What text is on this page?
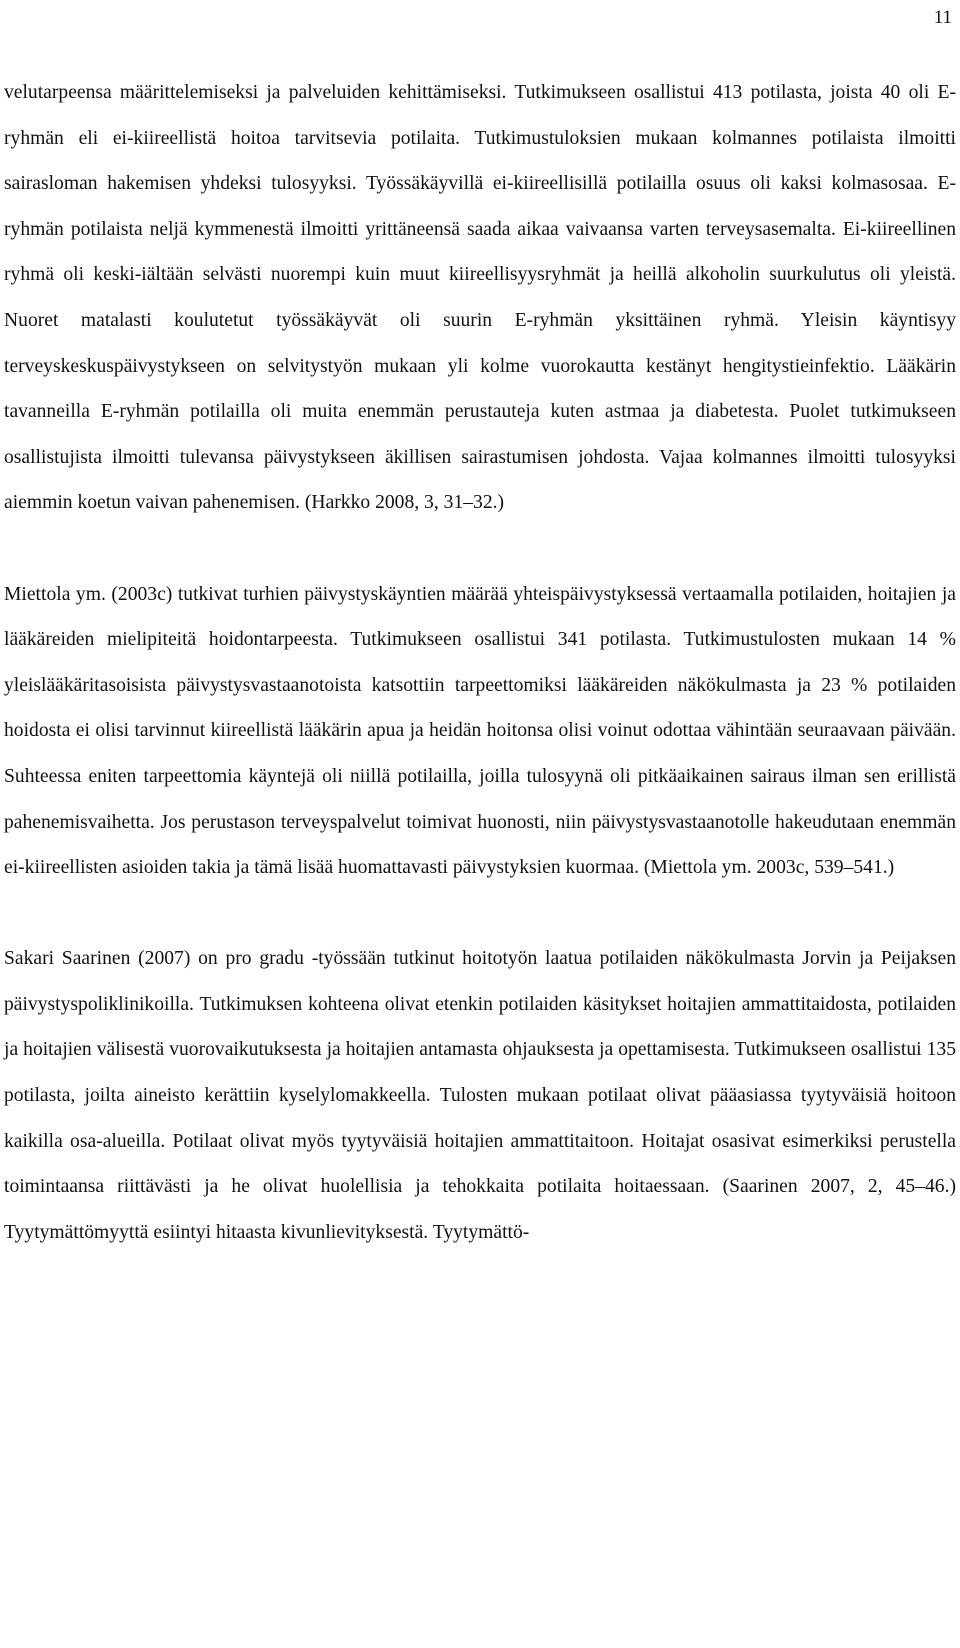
11

velutarpeensa määrittelemiseksi ja palveluiden kehittämiseksi. Tutkimukseen osallistui 413 potilasta, joista 40 oli E-ryhmän eli ei-kiireellistä hoitoa tarvitsevia potilaita. Tutkimustuloksien mukaan kolmannes potilaista ilmoitti sairasloman hakemisen yhdeksi tulosyyksi. Työssäkäyvillä ei-kiireellisillä potilailla osuus oli kaksi kolmasosaa. E-ryhmän potilaista neljä kymmenestä ilmoitti yrittäneensä saada aikaa vaivaansa varten terveysasemalta. Ei-kiireellinen ryhmä oli keski-iältään selvästi nuorempi kuin muut kiireellisyysryhmät ja heillä alkoholin suurkulutus oli yleistä. Nuoret matalasti koulutetut työssäkäyvät oli suurin E-ryhmän yksittäinen ryhmä. Yleisin käyntisyy terveyskeskuspäivystykseen on selvitystyön mukaan yli kolme vuorokautta kestänyt hengitystieinfektio. Lääkärin tavanneilla E-ryhmän potilailla oli muita enemmän perustauteja kuten astmaa ja diabetesta. Puolet tutkimukseen osallistujista ilmoitti tulevansa päivystykseen äkillisen sairastumisen johdosta. Vajaa kolmannes ilmoitti tulosyyksi aiemmin koetun vaivan pahenemisen. (Harkko 2008, 3, 31–32.)

Miettola ym. (2003c) tutkivat turhien päivystyskäyntien määrää yhteispäivystyksessä vertaamalla potilaiden, hoitajien ja lääkäreiden mielipiteitä hoidontarpeesta. Tutkimukseen osallistui 341 potilasta. Tutkimustulosten mukaan 14 % yleislääkäritasoisista päivystysvastaanotoista katsottiin tarpeettomiksi lääkäreiden näkökulmasta ja 23 % potilaiden hoidosta ei olisi tarvinnut kiireellistä lääkärin apua ja heidän hoitonsa olisi voinut odottaa vähintään seuraavaan päivään. Suhteessa eniten tarpeettomia käyntejä oli niillä potilailla, joilla tulosyynä oli pitkäaikainen sairaus ilman sen erillistä pahenemisvaihetta. Jos perustason terveyspalvelut toimivat huonosti, niin päivystysvastaanotolle hakeudutaan enemmän ei-kiireellisten asioiden takia ja tämä lisää huomattavasti päivystyksien kuormaa. (Miettola ym. 2003c, 539–541.)

Sakari Saarinen (2007) on pro gradu -työssään tutkinut hoitotyön laatua potilaiden näkökulmasta Jorvin ja Peijaksen päivystyspoliklinikoilla. Tutkimuksen kohteena olivat etenkin potilaiden käsitykset hoitajien ammattitaidosta, potilaiden ja hoitajien välisestä vuorovaikutuksesta ja hoitajien antamasta ohjauksesta ja opettamisesta. Tutkimukseen osallistui 135 potilasta, joilta aineisto kerättiin kyselylomakkeella. Tulosten mukaan potilaat olivat pääasiassa tyytyväisiä hoitoon kaikilla osa-alueilla. Potilaat olivat myös tyytyväisiä hoitajien ammattitaitoon. Hoitajat osasivat esimerkiksi perustella toimintaansa riittävästi ja he olivat huolellisia ja tehokkaita potilaita hoitaessaan. (Saarinen 2007, 2, 45–46.) Tyytymättömyyttä esiintyi hitaasta kivunlievityksestä. Tyytymättö-
